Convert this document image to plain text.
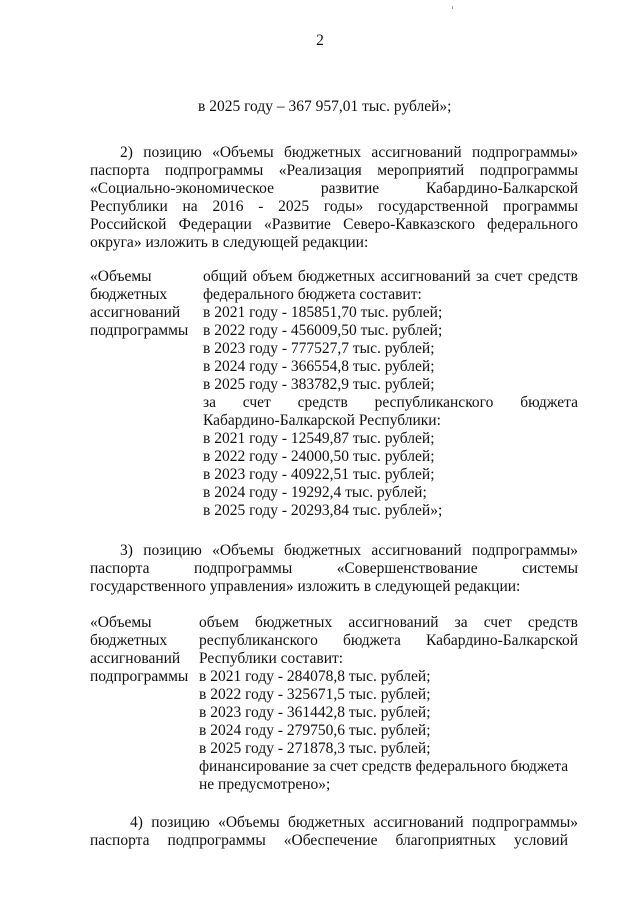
2
в 2025 году – 367 957,01 тыс. рублей»;
2) позицию «Объемы бюджетных ассигнований подпрограммы»
паспорта подпрограммы «Реализация мероприятий подпрограммы
«Социально-экономическое развитие Кабардино-Балкарской
Республики на 2016 - 2025 годы» государственной программы
Российской Федерации «Развитие Северо-Кавказского федерального
округа» изложить в следующей редакции:
«Объемы
бюджетных
ассигнований
подпрограммы
общий объем бюджетных ассигнований за счет средств
федерального бюджета составит:
в 2021 году - 185851,70 тыс. рублей;
в 2022 году - 456009,50 тыс. рублей;
в 2023 году - 777527,7 тыс. рублей;
в 2024 году - 366554,8 тыс. рублей;
в 2025 году - 383782,9 тыс. рублей;
за счет средств республиканского бюджета
Кабардино-Балкарской Республики:
в 2021 году - 12549,87 тыс. рублей;
в 2022 году - 24000,50 тыс. рублей;
в 2023 году - 40922,51 тыс. рублей;
в 2024 году - 19292,4 тыс. рублей;
в 2025 году - 20293,84 тыс. рублей»;
3) позицию «Объемы бюджетных ассигнований подпрограммы»
паспорта подпрограммы «Совершенствование системы
государственного управления» изложить в следующей редакции:
«Объемы
бюджетных
ассигнований
подпрограммы
объем бюджетных ассигнований за счет средств
республиканского бюджета Кабардино-Балкарской
Республики составит:
в 2021 году - 284078,8 тыс. рублей;
в 2022 году - 325671,5 тыс. рублей;
в 2023 году - 361442,8 тыс. рублей;
в 2024 году - 279750,6 тыс. рублей;
в 2025 году - 271878,3 тыс. рублей;
финансирование за счет средств федерального бюджета
не предусмотрено»;
4) позицию «Объемы бюджетных ассигнований подпрограммы»
паспорта подпрограммы «Обеспечение благоприятных условий
